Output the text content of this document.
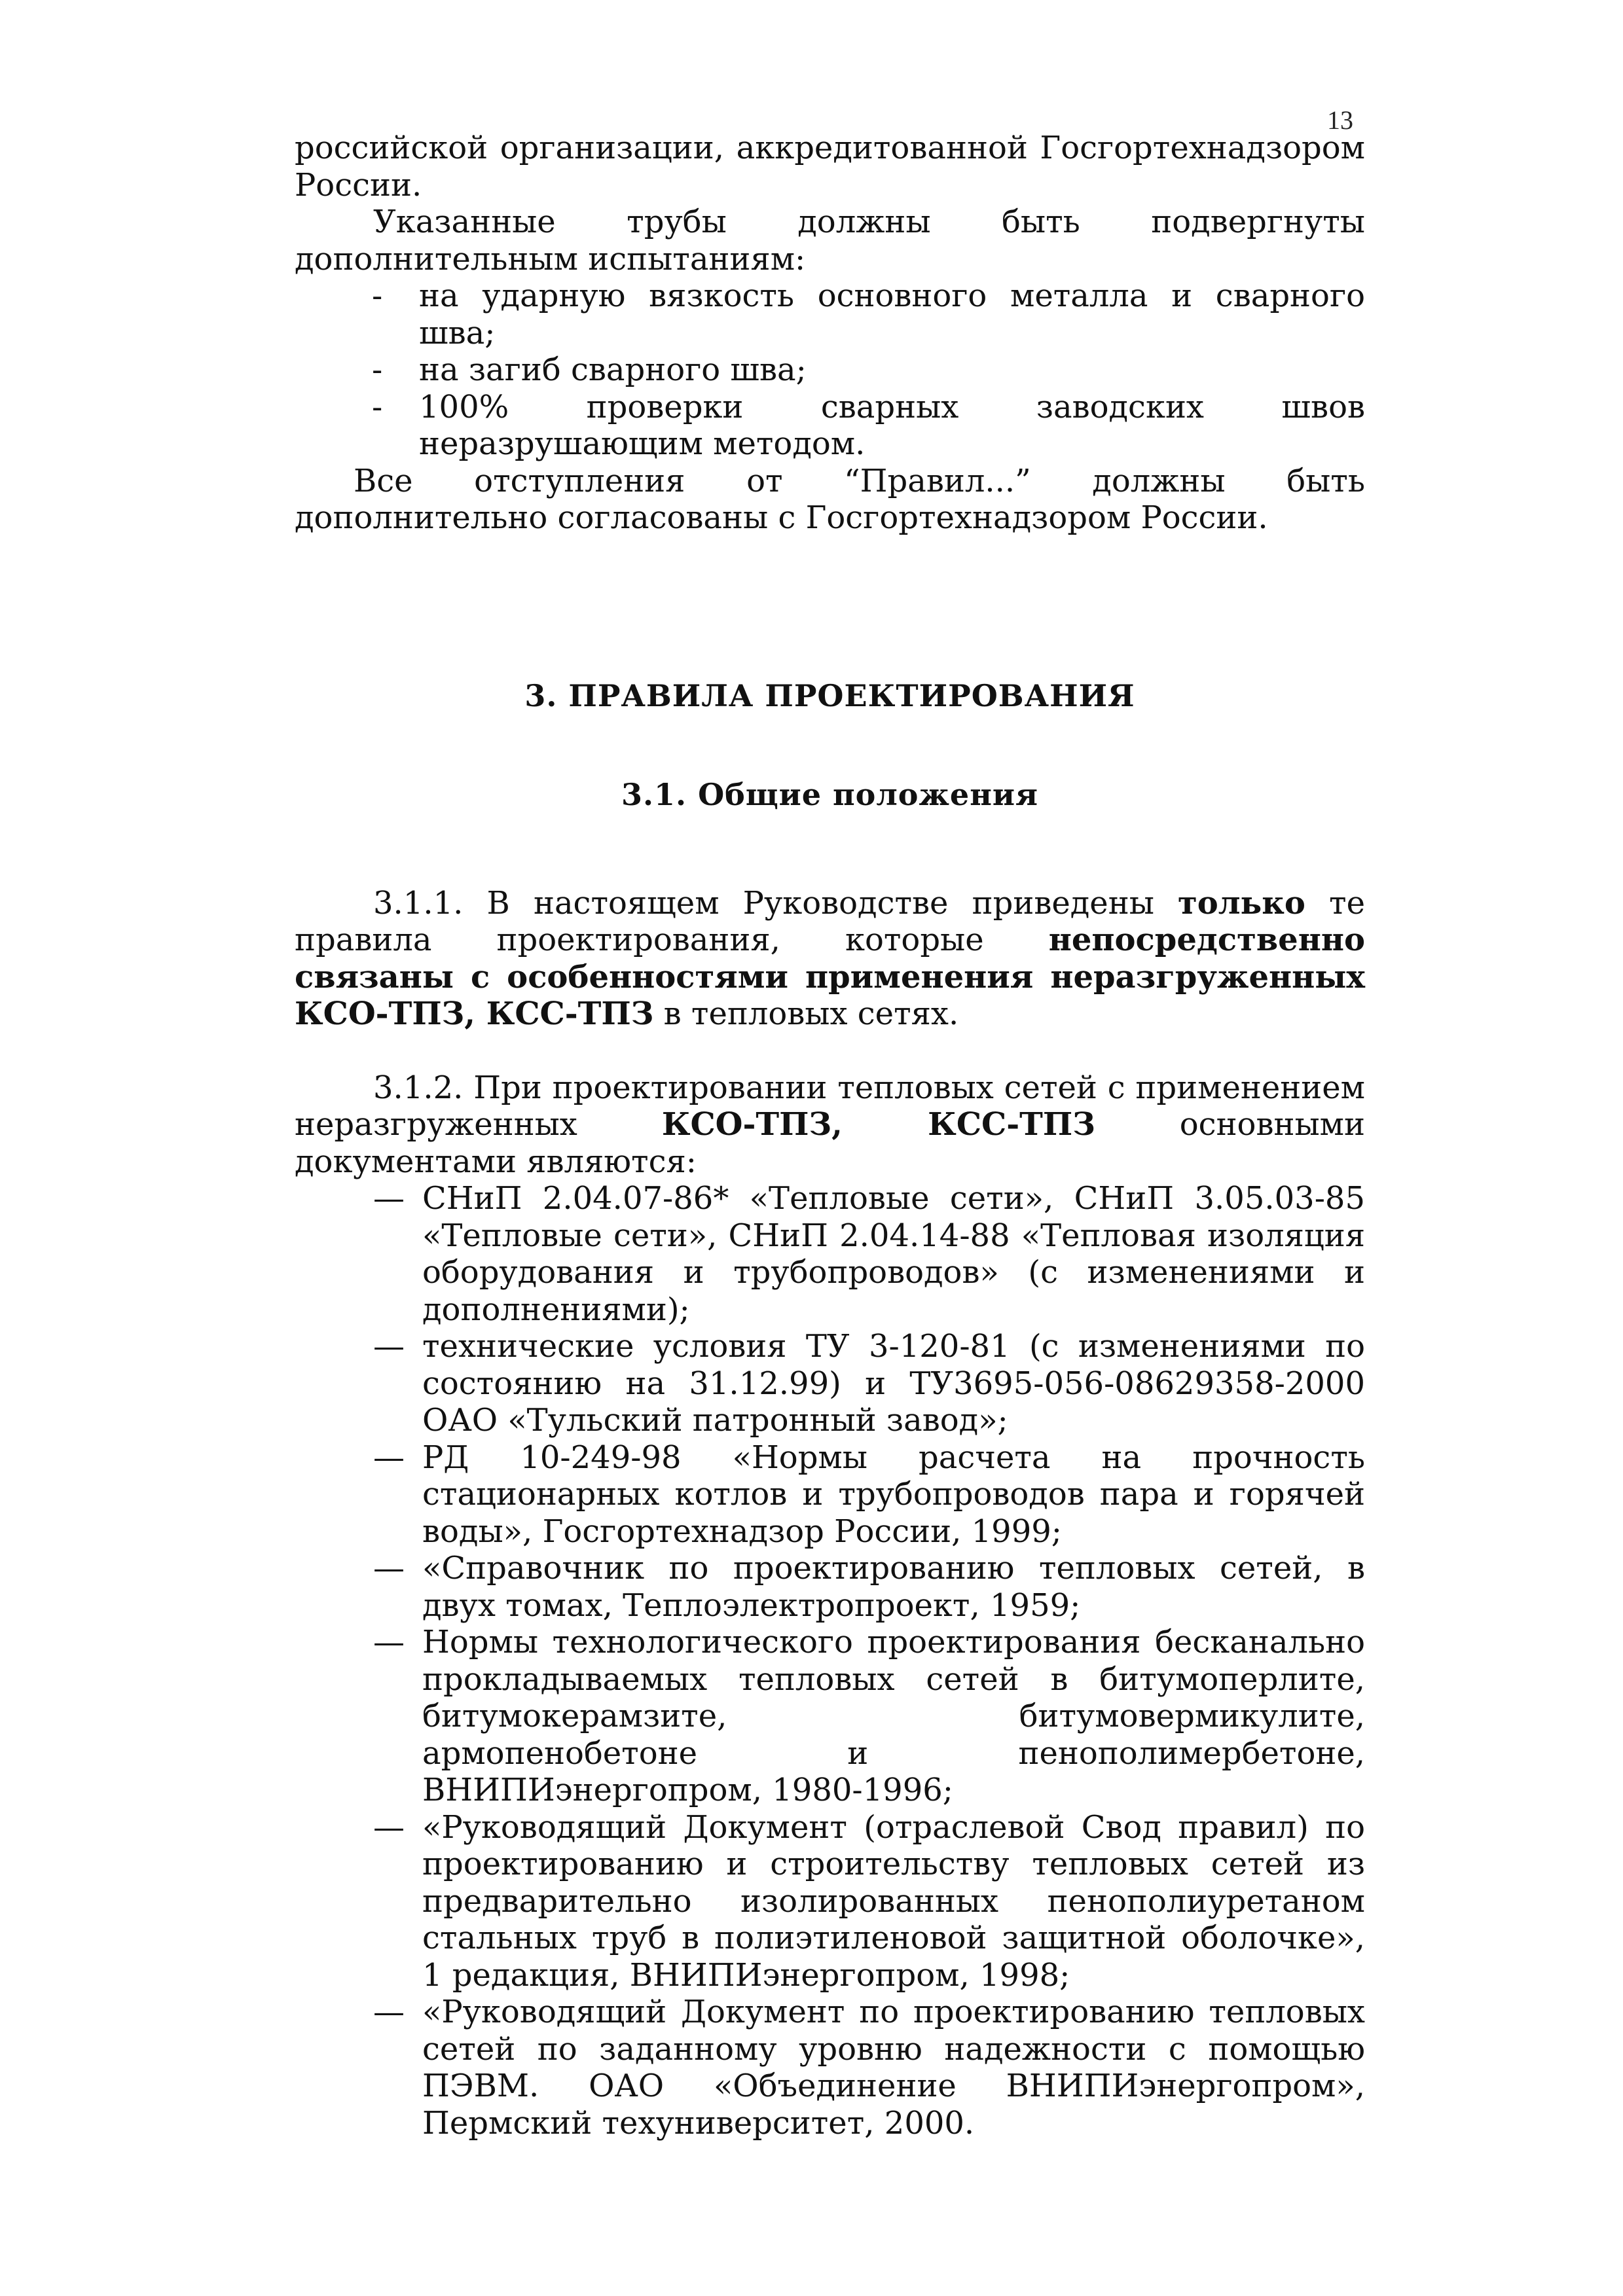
13

российской организации, аккредитованной Госгортехнадзором России.

Указанные трубы должны быть подвергнуты дополнительным испытаниям:

- на ударную вязкость основного металла и сварного шва;
- на загиб сварного шва;
- 100% проверки сварных заводских швов неразрушающим методом.

Все отступления от “Правил...” должны быть дополнительно согласованы с Госгортехнадзором России.

3. ПРАВИЛА ПРОЕКТИРОВАНИЯ
3.1. Общие положения

3.1.1. В настоящем Руководстве приведены только те правила проектирования, которые непосредственно связаны с особенностями применения неразгруженных КСО-ТПЗ, КСС-ТПЗ в тепловых сетях.

3.1.2. При проектировании тепловых сетей с применением неразгруженных КСО-ТПЗ, КСС-ТПЗ основными документами являются:

— СНиП 2.04.07-86* «Тепловые сети», СНиП 3.05.03-85 «Тепловые сети», СНиП 2.04.14-88 «Тепловая изоляция оборудования и трубопроводов» (с изменениями и дополнениями);
— технические условия ТУ 3-120-81 (с изменениями по состоянию на 31.12.99) и ТУ3695-056-08629358-2000 ОАО «Тульский патронный завод»;
— РД 10-249-98 «Нормы расчета на прочность стационарных котлов и трубопроводов пара и горячей воды», Госгортехнадзор России, 1999;
— «Справочник по проектированию тепловых сетей, в двух томах, Теплоэлектропроект, 1959;
— Нормы технологического проектирования бесканально прокладываемых тепловых сетей в битумоперлите, битумокерамзите, битумовермикулите, армопенобетоне и пенополимербетоне, ВНИПИэнергопром, 1980-1996;
— «Руководящий Документ (отраслевой Свод правил) по проектированию и строительству тепловых сетей из предварительно изолированных пенополиуретаном стальных труб в полиэтиленовой защитной оболочке», 1 редакция, ВНИПИэнергопром, 1998;
— «Руководящий Документ по проектированию тепловых сетей по заданному уровню надежности с помощью ПЭВМ. ОАО «Объединение ВНИПИэнергопром», Пермский техуниверситет, 2000.
